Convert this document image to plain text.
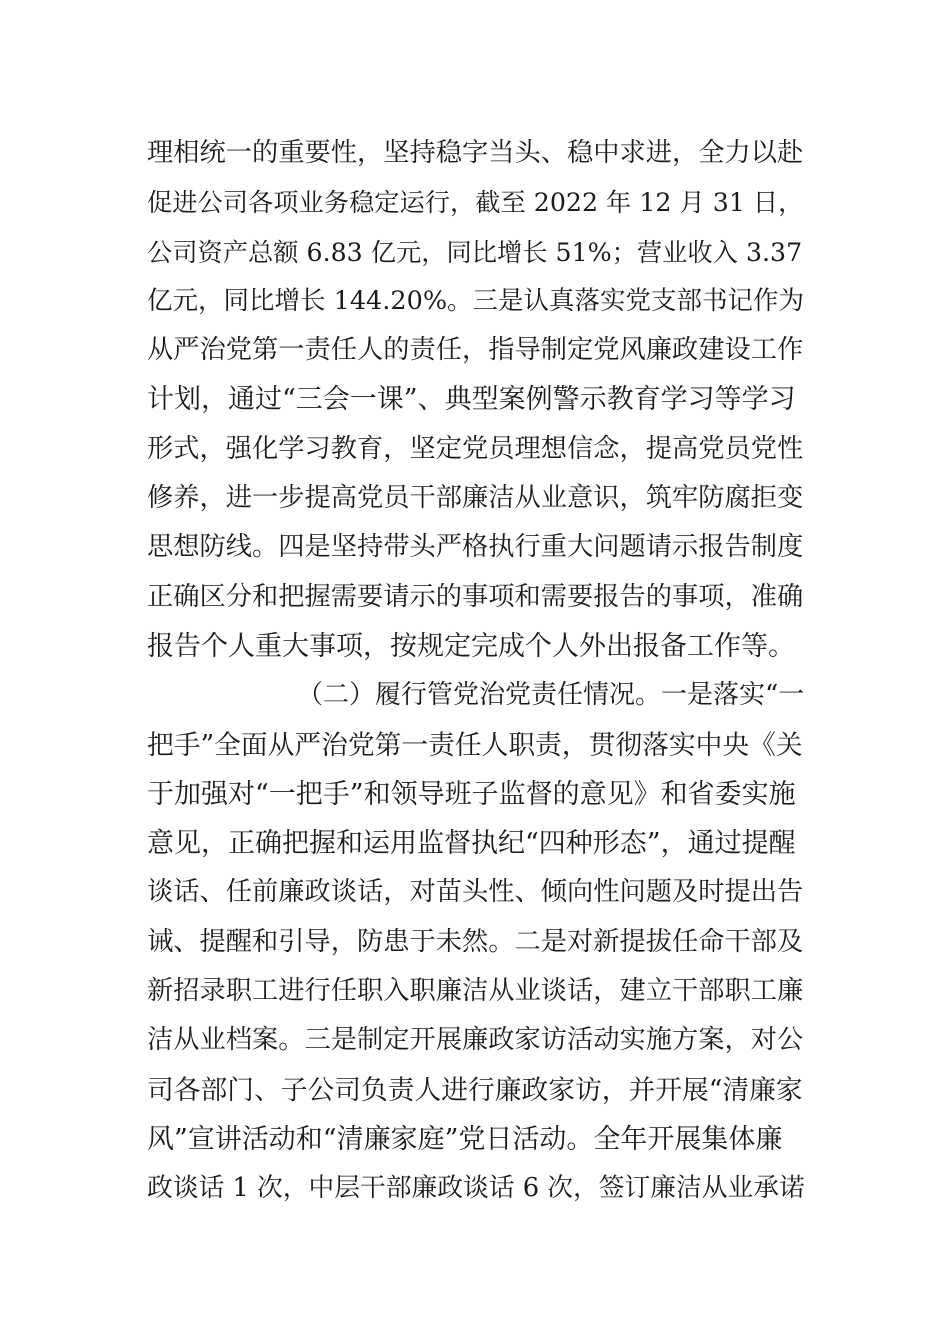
理相统一的重要性，坚持稳字当头、稳中求进，全力以赴
促进公司各项业务稳定运行，截至 2022 年 12 月 31 日，
公司资产总额 6.83 亿元，同比增长 51%；营业收入 3.37
亿元，同比增长 144.20%。三是认真落实党支部书记作为
从严治党第一责任人的责任，指导制定党风廉政建设工作
计划，通过“三会一课”、典型案例警示教育学习等学习
形式，强化学习教育，坚定党员理想信念，提高党员党性
修养，进一步提高党员干部廉洁从业意识，筑牢防腐拒变
思想防线。四是坚持带头严格执行重大问题请示报告制度
正确区分和把握需要请示的事项和需要报告的事项，准确
报告个人重大事项，按规定完成个人外出报备工作等。
（二）履行管党治党责任情况。一是落实“一
把手”全面从严治党第一责任人职责，贯彻落实中央《关
于加强对“一把手”和领导班子监督的意见》和省委实施
意见，正确把握和运用监督执纪“四种形态”，通过提醒
谈话、任前廉政谈话，对苗头性、倾向性问题及时提出告
诫、提醒和引导，防患于未然。二是对新提拔任命干部及
新招录职工进行任职入职廉洁从业谈话，建立干部职工廉
洁从业档案。三是制定开展廉政家访活动实施方案，对公
司各部门、子公司负责人进行廉政家访，并开展“清廉家
风”宣讲活动和“清廉家庭”党日活动。全年开展集体廉
政谈话 1 次，中层干部廉政谈话 6 次，签订廉洁从业承诺
